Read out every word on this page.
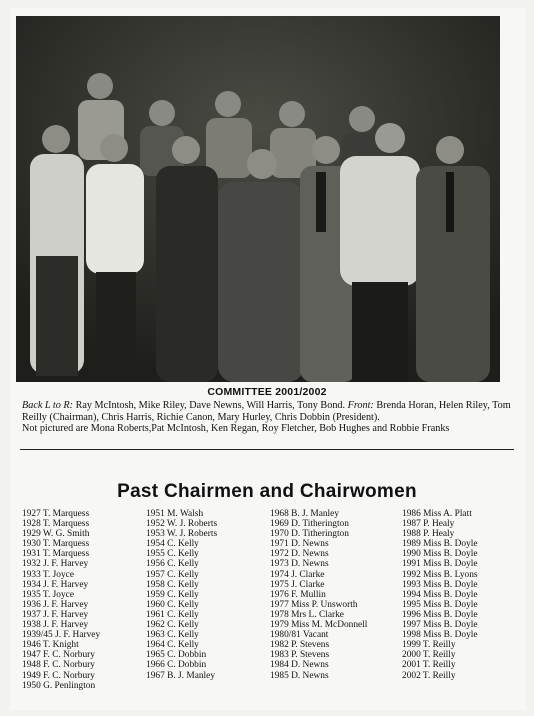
COMMITTEE 2001/2002
Back L to R: Ray McIntosh, Mike Riley, Dave Newns, Will Harris, Tony Bond. Front: Brenda Horan, Helen Riley, Tom Reilly (Chairman), Chris Harris, Richie Canon, Mary Hurley, Chris Dobbin (President).
Not pictured are Mona Roberts,Pat McIntosh, Ken Regan, Roy Fletcher, Bob Hughes and Robbie Franks
Past Chairmen and Chairwomen
1927 T. Marquess
1928 T. Marquess
1929 W. G. Smith
1930 T. Marquess
1931 T. Marquess
1932 J. F. Harvey
1933 T. Joyce
1934 J. F. Harvey
1935 T. Joyce
1936 J. F. Harvey
1937 J. F. Harvey
1938 J. F. Harvey
1939/45 J. F. Harvey
1946 T. Knight
1947 F. C. Norbury
1948 F. C. Norbury
1949 F. C. Norbury
1950 G. Penlington
1951 M. Walsh
1952 W. J. Roberts
1953 W. J. Roberts
1954 C. Kelly
1955 C. Kelly
1956 C. Kelly
1957 C. Kelly
1958 C. Kelly
1959 C. Kelly
1960 C. Kelly
1961 C. Kelly
1962 C. Kelly
1963 C. Kelly
1964 C. Kelly
1965 C. Dobbin
1966 C. Dobbin
1967 B. J. Manley
1968 B. J. Manley
1969 D. Titherington
1970 D. Titherington
1971 D. Newns
1972 D. Newns
1973 D. Newns
1974 J. Clarke
1975 J. Clarke
1976 F. Mullin
1977 Miss P. Unsworth
1978 Mrs L. Clarke
1979 Miss M. McDonnell
1980/81 Vacant
1982 P. Stevens
1983 P. Stevens
1984 D. Newns
1985 D. Newns
1986 Miss A. Platt
1987 P. Healy
1988 P. Healy
1989 Miss B. Doyle
1990 Miss B. Doyle
1991 Miss B. Doyle
1992 Miss B. Lyons
1993 Miss B. Doyle
1994 Miss B. Doyle
1995 Miss B. Doyle
1996 Miss B. Doyle
1997 Miss B. Doyle
1998 Miss B. Doyle
1999 T. Reilly
2000 T. Reilly
2001 T. Reilly
2002 T. Reilly
